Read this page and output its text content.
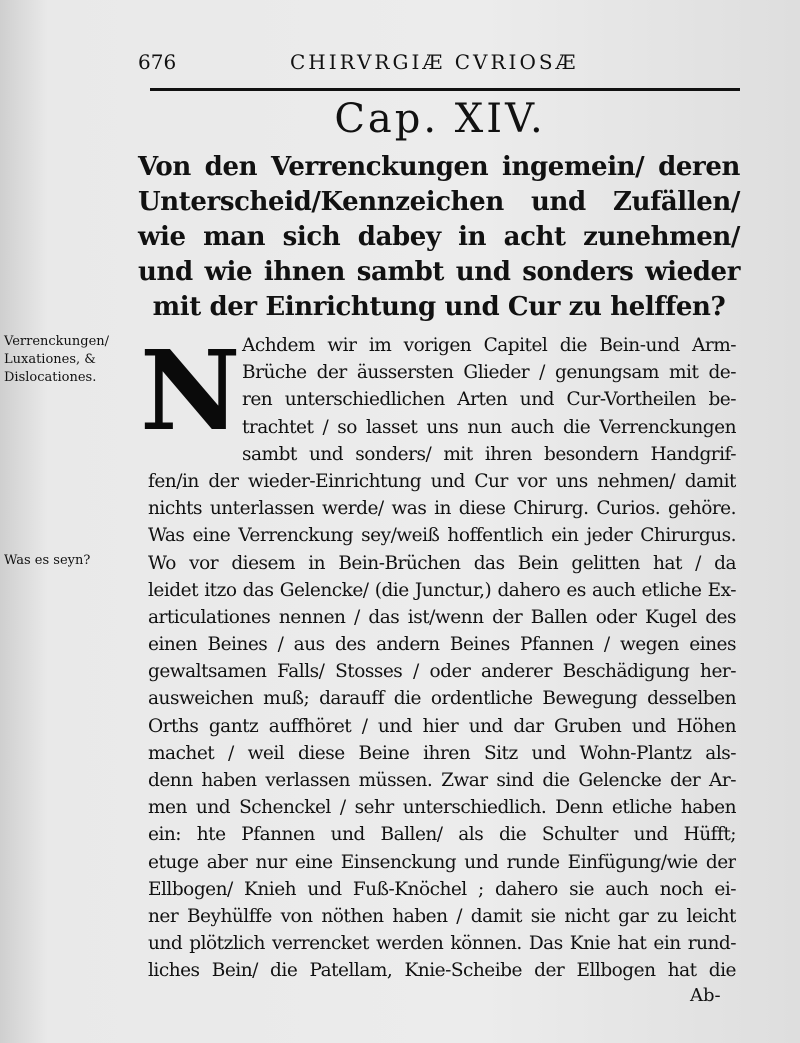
676	CHIRVRGIÆ CVRIOSÆ
Cap. XIV.
Von den Verrenckungen ingemein/ deren Unterscheid/Kennzeichen und Zufällen/ wie man sich dabey in acht zunehmen/ und wie ihnen sambt und sonders wieder mit der Einrichtung und Cur zu helffen?
Verrenckungen/ Luxationes, & Dislocationes.
Was es seyn?
N Achdem wir im vorigen Capitel die Bein-und Arm-
Brüche der äussersten Glieder / genungsam mit de-
ren unterschiedlichen Arten und Cur-Vortheilen be-
trachtet / so lasset uns nun auch die Verrenckungen
sambt und sonders/ mit ihren besondern Handgrif-
fen/in der wieder-Einrichtung und Cur vor uns nehmen/ damit
nichts unterlassen werde/ was in diese Chirurg. Curios. gehöre.
Was eine Verrenckung sey/weiß hoffentlich ein jeder Chirurgus.
Wo vor diesem in Bein-Brüchen das Bein gelitten hat / da
leidet itzo das Gelencke/ (die Junctur,) dahero es auch etliche Ex-
articulationes nennen / das ist/wenn der Ballen oder Kugel des
einen Beines / aus des andern Beines Pfannen / wegen eines
gewaltsamen Falls/ Stosses / oder anderer Beschädigung her-
ausweichen muß; darauff die ordentliche Bewegung desselben
Orths gantz auffhöret / und hier und dar Gruben und Höhen
machet / weil diese Beine ihren Sitz und Wohn-Plantz als-
denn haben verlassen müssen. Zwar sind die Gelencke der Ar-
men und Schenckel / sehr unterschiedlich. Denn etliche haben
ein: hte Pfannen und Ballen/ als die Schulter und Hüfft;
etuge aber nur eine Einsenckung und runde Einfügung/wie der
Ellbogen/ Knieh und Fuß-Knöchel ; dahero sie auch noch ei-
ner Beyhülffe von nöthen haben / damit sie nicht gar zu leicht
und plötzlich verrencket werden können. Das Knie hat ein rund-
liches Bein/ die Patellam, Knie-Scheibe der Ellbogen hat die
Ab-
